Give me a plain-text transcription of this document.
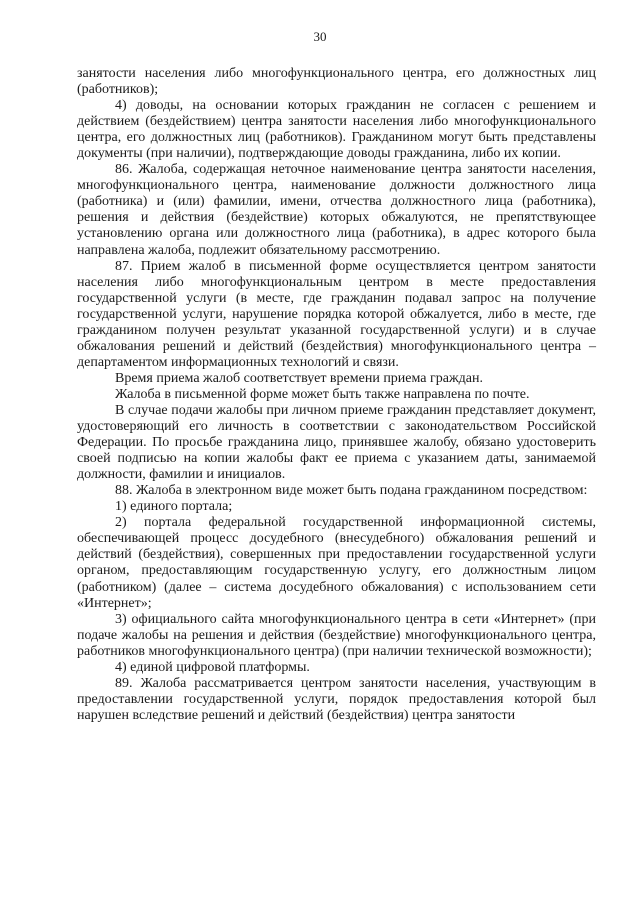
30

занятости населения либо многофункционального центра, его должностных лиц (работников);

4) доводы, на основании которых гражданин не согласен с решением и действием (бездействием) центра занятости населения либо многофункционального центра, его должностных лиц (работников). Гражданином могут быть представлены документы (при наличии), подтверждающие доводы гражданина, либо их копии.

86. Жалоба, содержащая неточное наименование центра занятости населения, многофункционального центра, наименование должности должностного лица (работника) и (или) фамилии, имени, отчества должностного лица (работника), решения и действия (бездействие) которых обжалуются, не препятствующее установлению органа или должностного лица (работника), в адрес которого была направлена жалоба, подлежит обязательному рассмотрению.

87. Прием жалоб в письменной форме осуществляется центром занятости населения либо многофункциональным центром в месте предоставления государственной услуги (в месте, где гражданин подавал запрос на получение государственной услуги, нарушение порядка которой обжалуется, либо в месте, где гражданином получен результат указанной государственной услуги) и в случае обжалования решений и действий (бездействия) многофункционального центра – департаментом информационных технологий и связи.

Время приема жалоб соответствует времени приема граждан.

Жалоба в письменной форме может быть также направлена по почте.

В случае подачи жалобы при личном приеме гражданин представляет документ, удостоверяющий его личность в соответствии с законодательством Российской Федерации. По просьбе гражданина лицо, принявшее жалобу, обязано удостоверить своей подписью на копии жалобы факт ее приема с указанием даты, занимаемой должности, фамилии и инициалов.

88. Жалоба в электронном виде может быть подана гражданином посредством:

1) единого портала;

2) портала федеральной государственной информационной системы, обеспечивающей процесс досудебного (внесудебного) обжалования решений и действий (бездействия), совершенных при предоставлении государственной услуги органом, предоставляющим государственную услугу, его должностным лицом (работником) (далее – система досудебного обжалования) с использованием сети «Интернет»;

3) официального сайта многофункционального центра в сети «Интернет» (при подаче жалобы на решения и действия (бездействие) многофункционального центра, работников многофункционального центра) (при наличии технической возможности);

4) единой цифровой платформы.

89. Жалоба рассматривается центром занятости населения, участвующим в предоставлении государственной услуги, порядок предоставления которой был нарушен вследствие решений и действий (бездействия) центра занятости
